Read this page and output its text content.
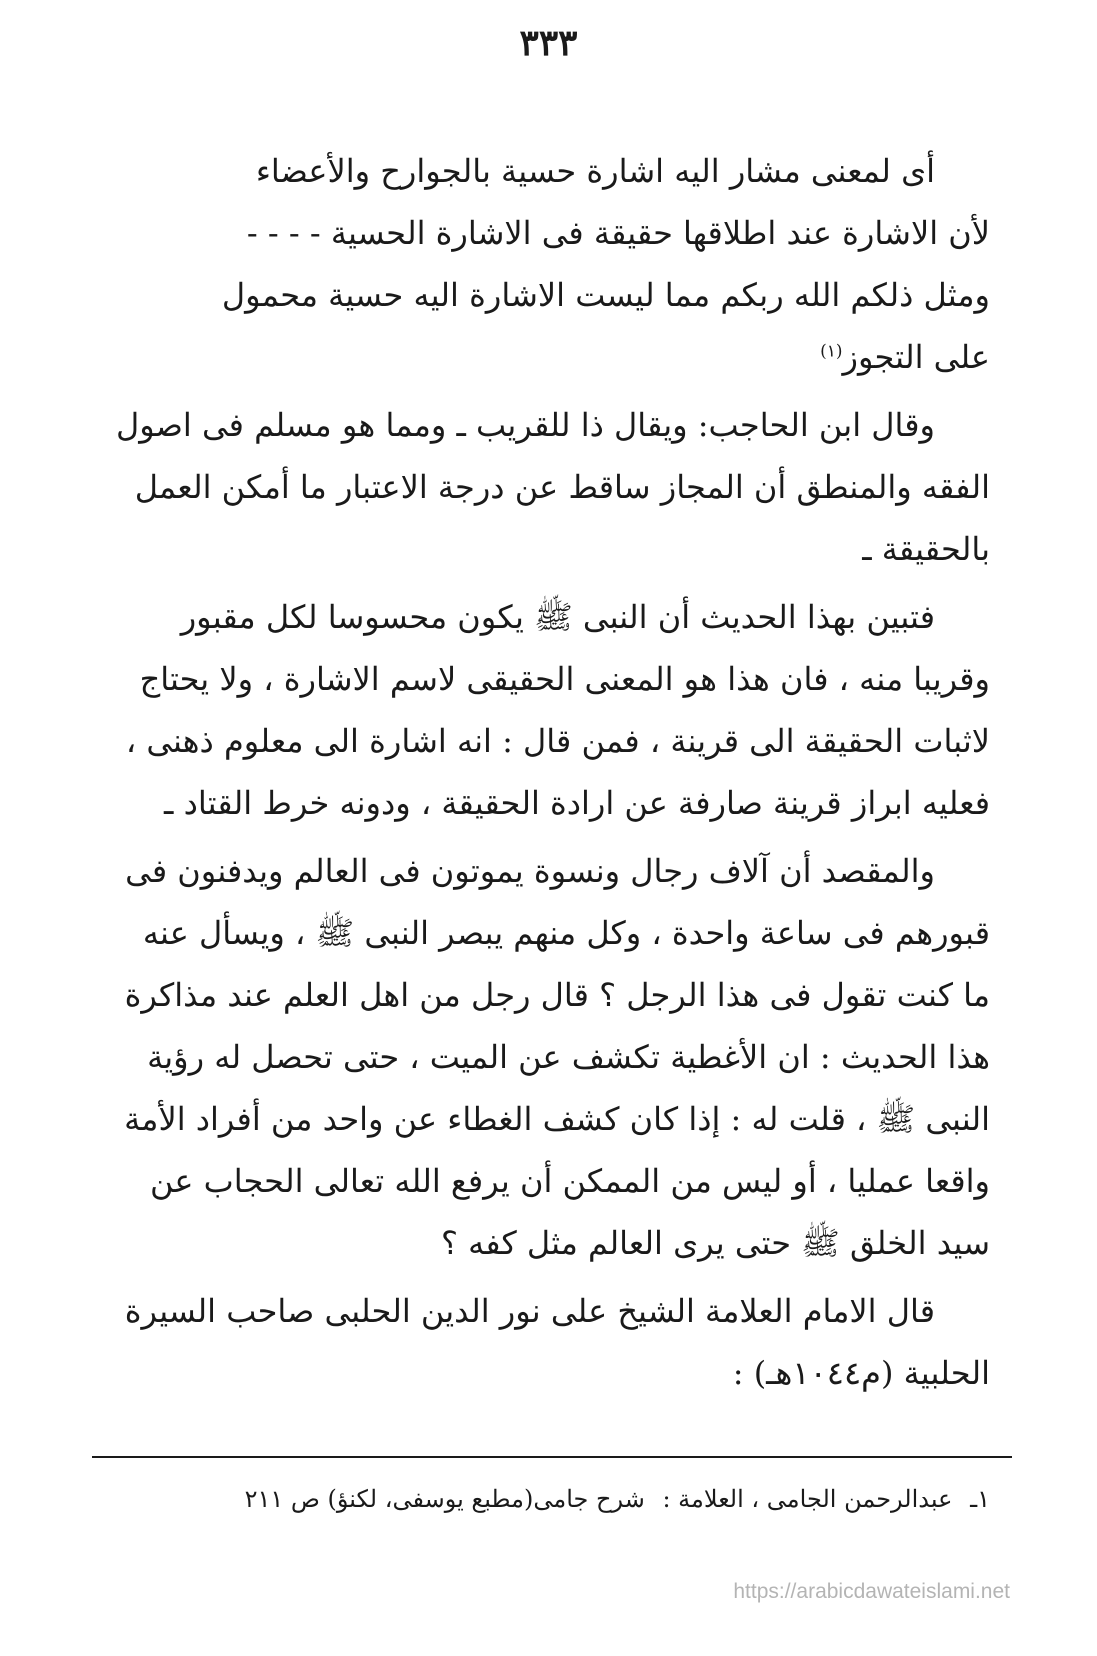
٣٣٣

أى لمعنى مشار اليه اشارة حسية بالجوارح والأعضاء
لأن الاشارة عند اطلاقها حقيقة فى الاشارة الحسية - - - -
ومثل ذلكم الله ربكم مما ليست الاشارة اليه حسية محمول
على التجوز$^{(١)}$

وقال ابن الحاجب: ويقال ذا للقريب ـ ومما هو مسلم فى اصول
الفقه والمنطق أن المجاز ساقط عن درجة الاعتبار ما أمكن العمل
بالحقيقة ـ

فتبين بهذا الحديث أن النبى ﷺ يكون محسوسا لكل مقبور
وقريبا منه ، فان هذا هو المعنى الحقيقى لاسم الاشارة ، ولا يحتاج
لاثبات الحقيقة الى قرينة ، فمن قال : انه اشارة الى معلوم ذهنى ،
فعليه ابراز قرينة صارفة عن ارادة الحقيقة ، ودونه خرط القتاد ـ

والمقصد أن آلاف رجال ونسوة يموتون فى العالم ويدفنون فى
قبورهم فى ساعة واحدة ، وكل منهم يبصر النبى ﷺ ، ويسأل عنه
ما كنت تقول فى هذا الرجل ؟ قال رجل من اهل العلم عند مذاكرة
هذا الحديث : ان الأغطية تكشف عن الميت ، حتى تحصل له رؤية
النبى ﷺ ، قلت له : إذا كان كشف الغطاء عن واحد من أفراد الأمة
واقعا عمليا ، أو ليس من الممكن أن يرفع الله تعالى الحجاب عن
سيد الخلق ﷺ حتى يرى العالم مثل كفه ؟

قال الامام العلامة الشيخ على نور الدين الحلبى صاحب السيرة
الحلبية (م١٠٤٤هـ) :

١ـ عبدالرحمن الجامى ، العلامة : شرح جامى(مطبع يوسفى، لكنؤ) ص ٢١١
https://arabicdawateislami.net
